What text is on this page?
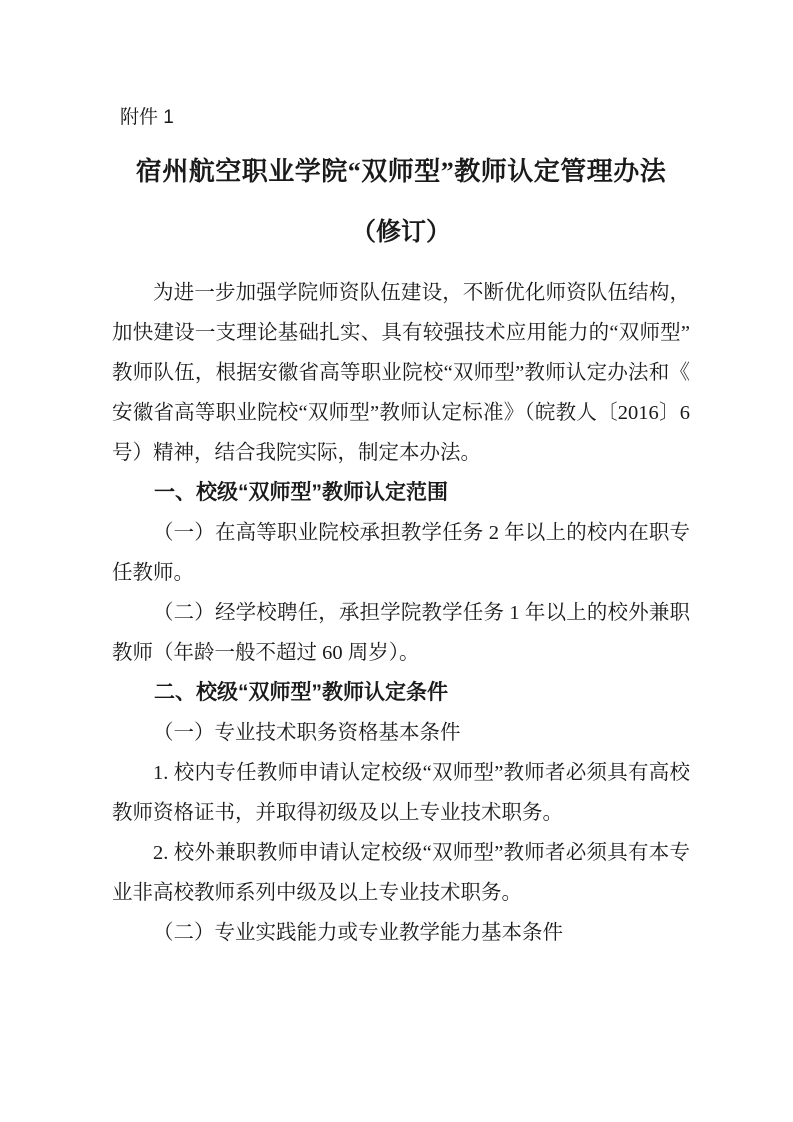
附件 1
宿州航空职业学院“双师型”教师认定管理办法
（修订）

为进一步加强学院师资队伍建设，不断优化师资队伍结构，加快建设一支理论基础扎实、具有较强技术应用能力的“双师型”教师队伍，根据安徽省高等职业院校“双师型”教师认定办法和《安徽省高等职业院校“双师型”教师认定标准》（皖教人〔2016〕6 号）精神，结合我院实际，制定本办法。

一、校级“双师型”教师认定范围

（一）在高等职业院校承担教学任务 2 年以上的校内在职专任教师。

（二）经学校聘任，承担学院教学任务 1 年以上的校外兼职教师（年龄一般不超过 60 周岁）。

二、校级“双师型”教师认定条件

（一）专业技术职务资格基本条件

1. 校内专任教师申请认定校级“双师型”教师者必须具有高校教师资格证书，并取得初级及以上专业技术职务。

2. 校外兼职教师申请认定校级“双师型”教师者必须具有本专业非高校教师系列中级及以上专业技术职务。

（二）专业实践能力或专业教学能力基本条件
